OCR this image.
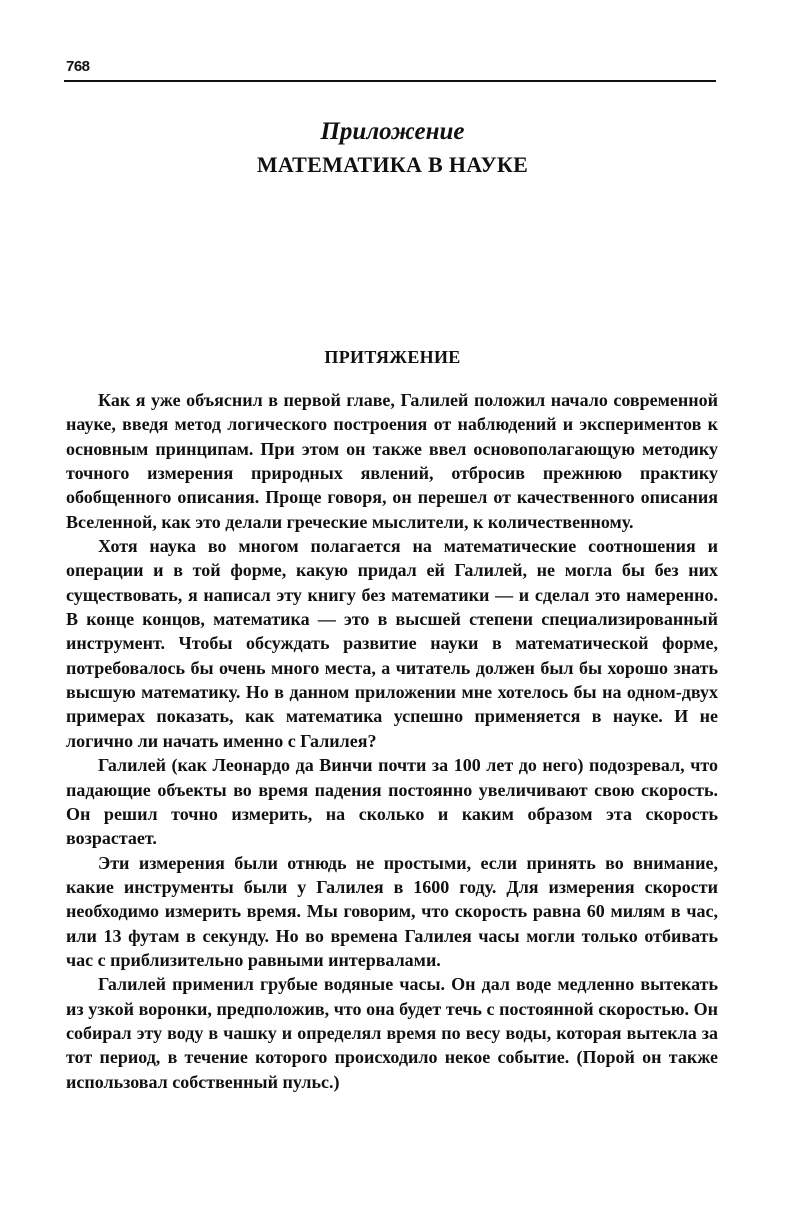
768
Приложение
МАТЕМАТИКА В НАУКЕ
ПРИТЯЖЕНИЕ

Как я уже объяснил в первой главе, Галилей положил начало современной науке, введя метод логического построения от наблюдений и экспериментов к основным принципам. При этом он также ввел основополагающую методику точного измерения природных явлений, отбросив прежнюю практику обобщенного описания. Проще говоря, он перешел от качественного описания Вселенной, как это делали греческие мыслители, к количественному.

Хотя наука во многом полагается на математические соотношения и операции и в той форме, какую придал ей Галилей, не могла бы без них существовать, я написал эту книгу без математики — и сделал это намеренно. В конце концов, математика — это в высшей степени специализированный инструмент. Чтобы обсуждать развитие науки в математической форме, потребовалось бы очень много места, а читатель должен был бы хорошо знать высшую математику. Но в данном приложении мне хотелось бы на одном-двух примерах показать, как математика успешно применяется в науке. И не логично ли начать именно с Галилея?

Галилей (как Леонардо да Винчи почти за 100 лет до него) подозревал, что падающие объекты во время падения постоянно увеличивают свою скорость. Он решил точно измерить, на сколько и каким образом эта скорость возрастает.

Эти измерения были отнюдь не простыми, если принять во внимание, какие инструменты были у Галилея в 1600 году. Для измерения скорости необходимо измерить время. Мы говорим, что скорость равна 60 милям в час, или 13 футам в секунду. Но во времена Галилея часы могли только отбивать час с приблизительно равными интервалами.

Галилей применил грубые водяные часы. Он дал воде медленно вытекать из узкой воронки, предположив, что она будет течь с постоянной скоростью. Он собирал эту воду в чашку и определял время по весу воды, которая вытекла за тот период, в течение которого происходило некое событие. (Порой он также использовал собственный пульс.)
